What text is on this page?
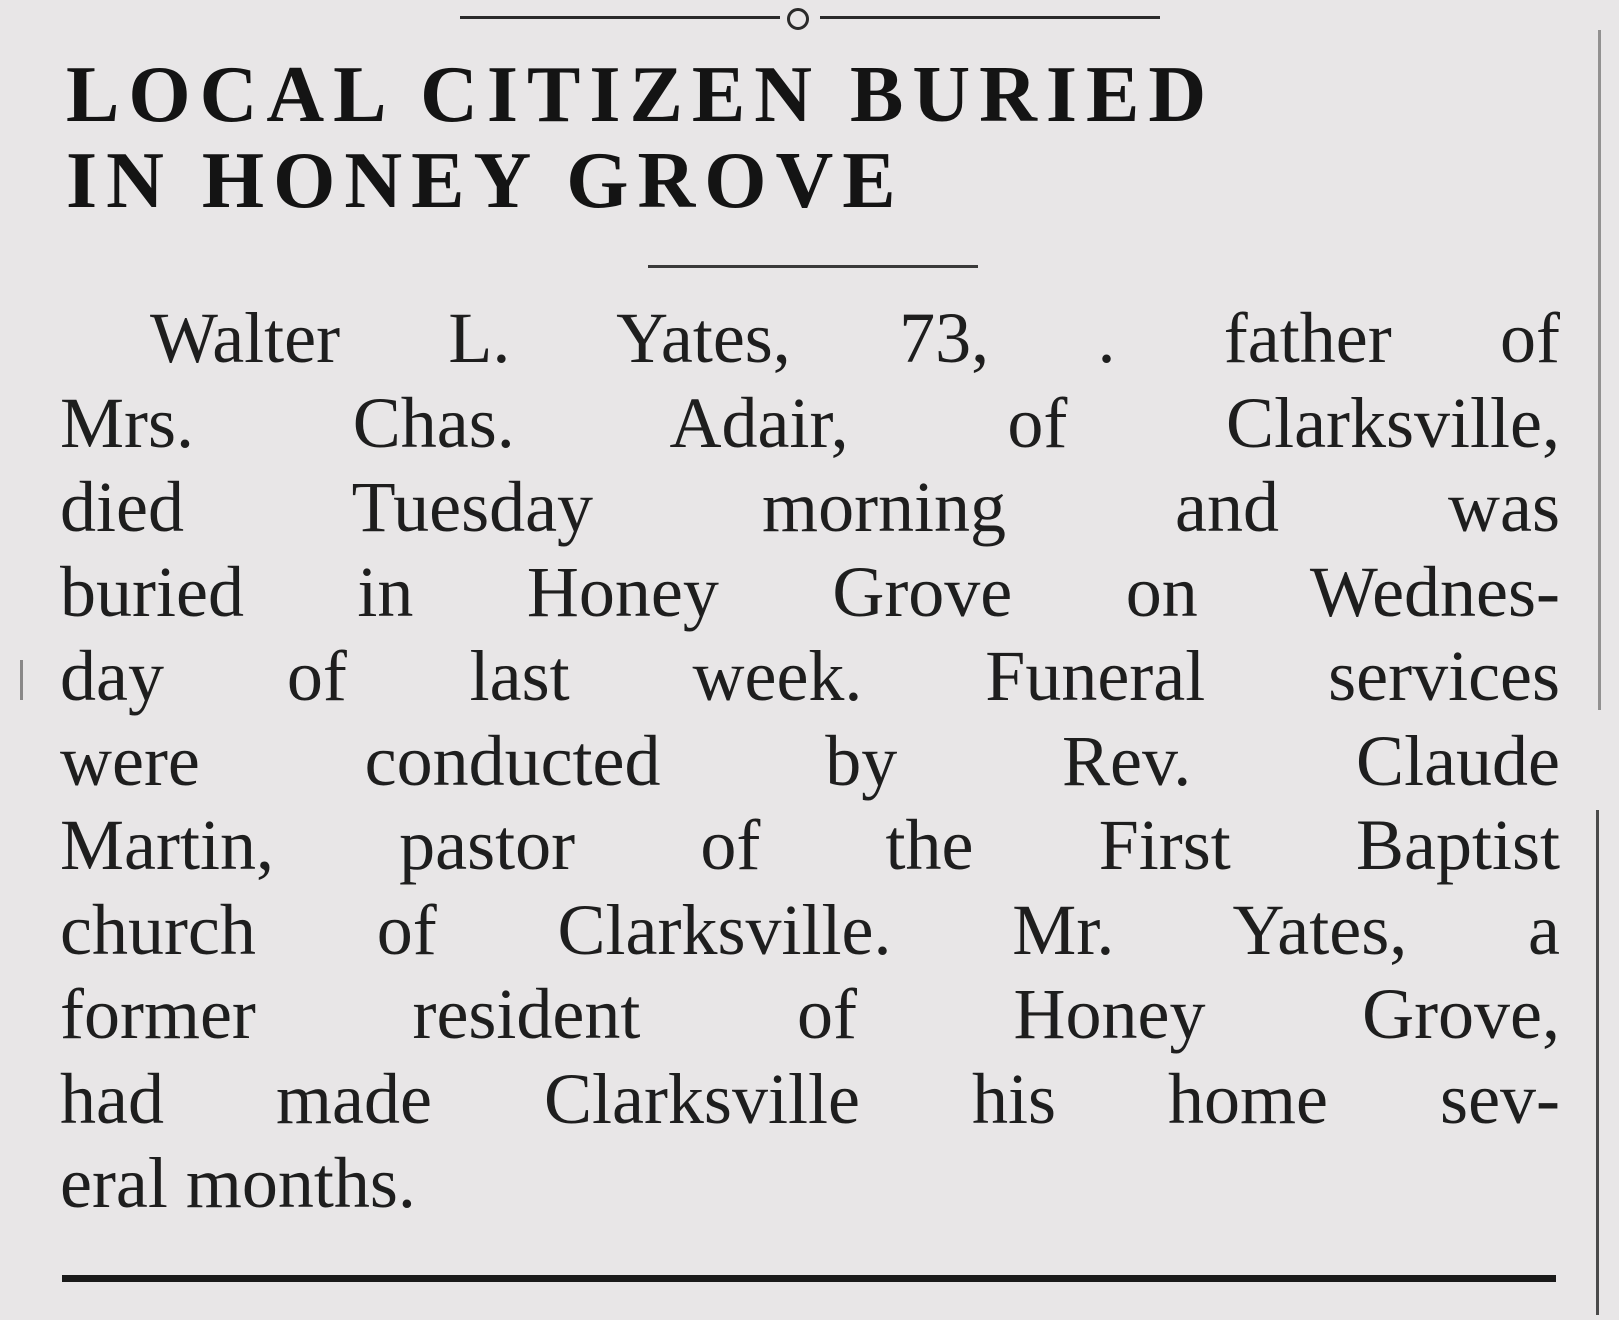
LOCAL CITIZEN BURIED
IN HONEY GROVE
Walter L. Yates, 73, . father of
Mrs. Chas. Adair, of Clarksville,
died Tuesday morning and was
buried in Honey Grove on Wednes-
day of last week. Funeral services
were conducted by Rev. Claude
Martin, pastor of the First Baptist
church of Clarksville. Mr. Yates, a
former resident of Honey Grove,
had made Clarksville his home sev-
eral months.
